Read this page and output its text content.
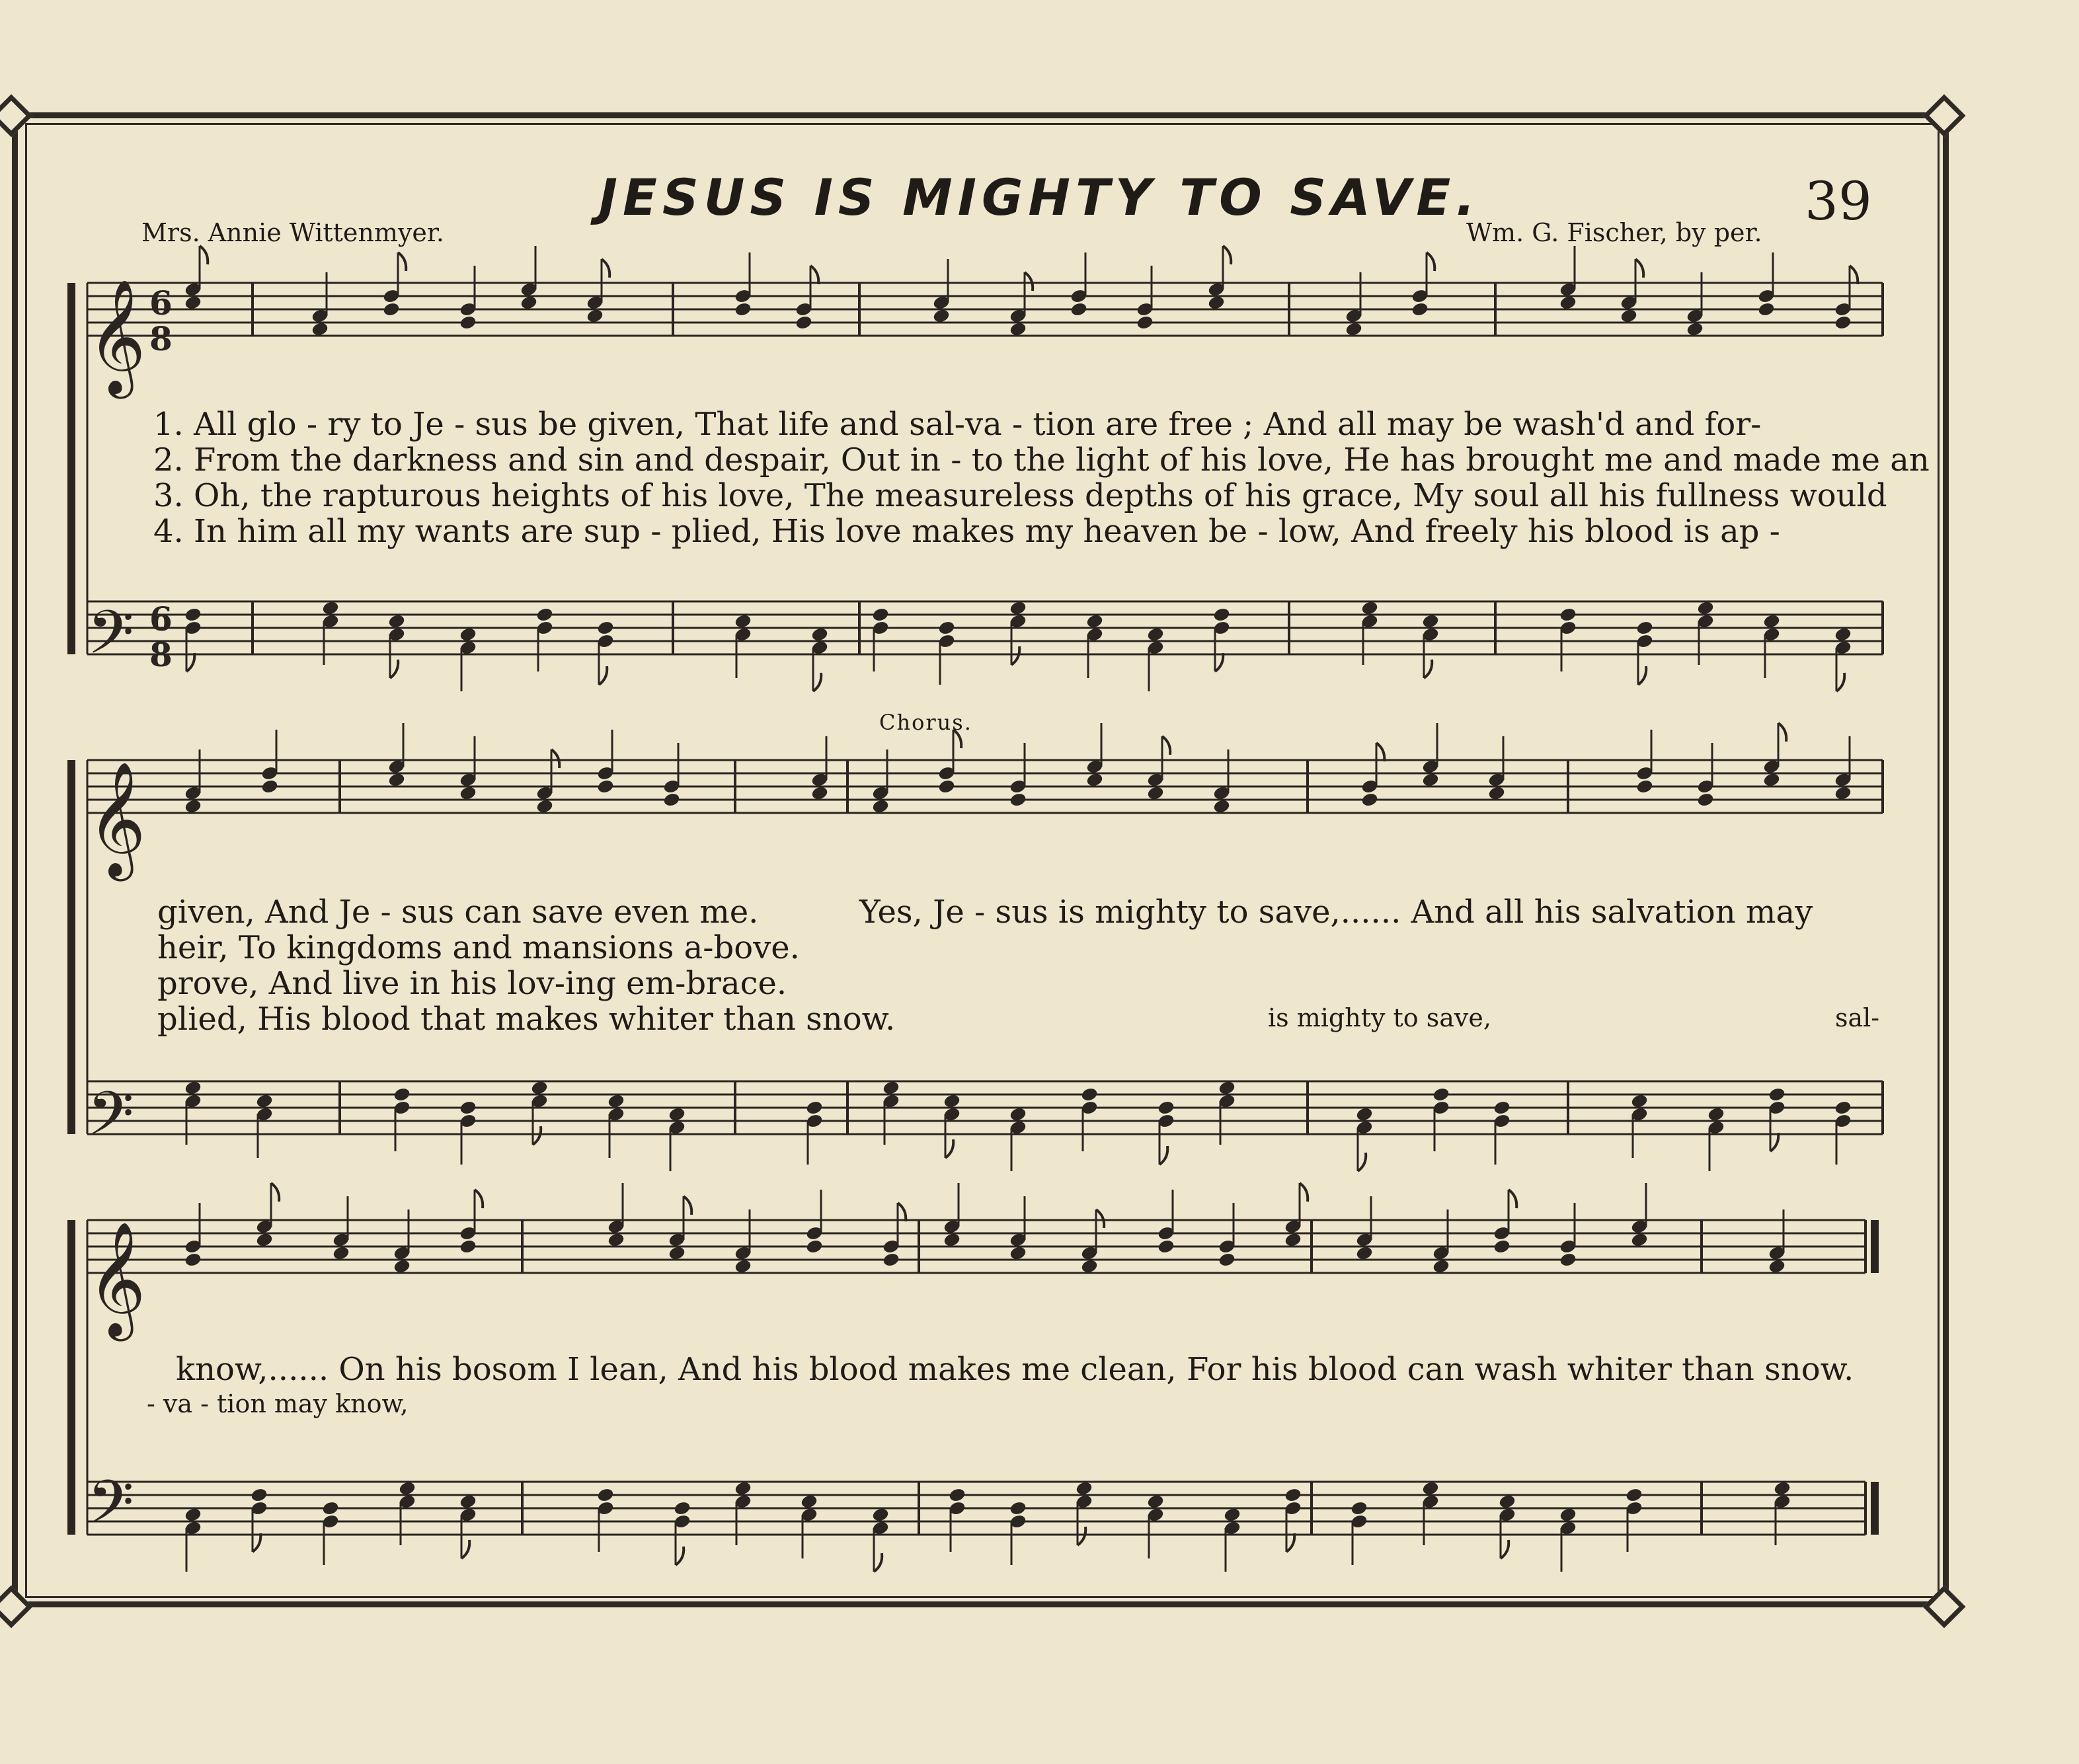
JESUS IS MIGHTY TO SAVE.	39
Mrs. Annie Wittenmyer.	Wm. G. Fischer, by per.
𝄞
𝄢
𝄞
𝄢
𝄞
𝄢
6
8
6
8
1. All glo - ry to Je - sus be given, That life and sal-va - tion are free ; And all may be wash'd and for-
2. From the darkness and sin and despair, Out in - to the light of his love, He has brought me and made me an
3. Oh, the rapturous heights of his love, The measureless depths of his grace, My soul all his fullness would
4. In him all my wants are sup - plied, His love makes my heaven be - low, And freely his blood is ap -
Chorus.
given, And Je - sus can save even me.
heir, To kingdoms and mansions a-bove.
prove, And live in his lov-ing em-brace.
plied, His blood that makes whiter than snow.
Yes, Je - sus is mighty to save,...... And all his salvation may
is mighty to save,	sal-
know,...... On his bosom I lean, And his blood makes me clean, For his blood can wash whiter than snow.
- va - tion may know,
